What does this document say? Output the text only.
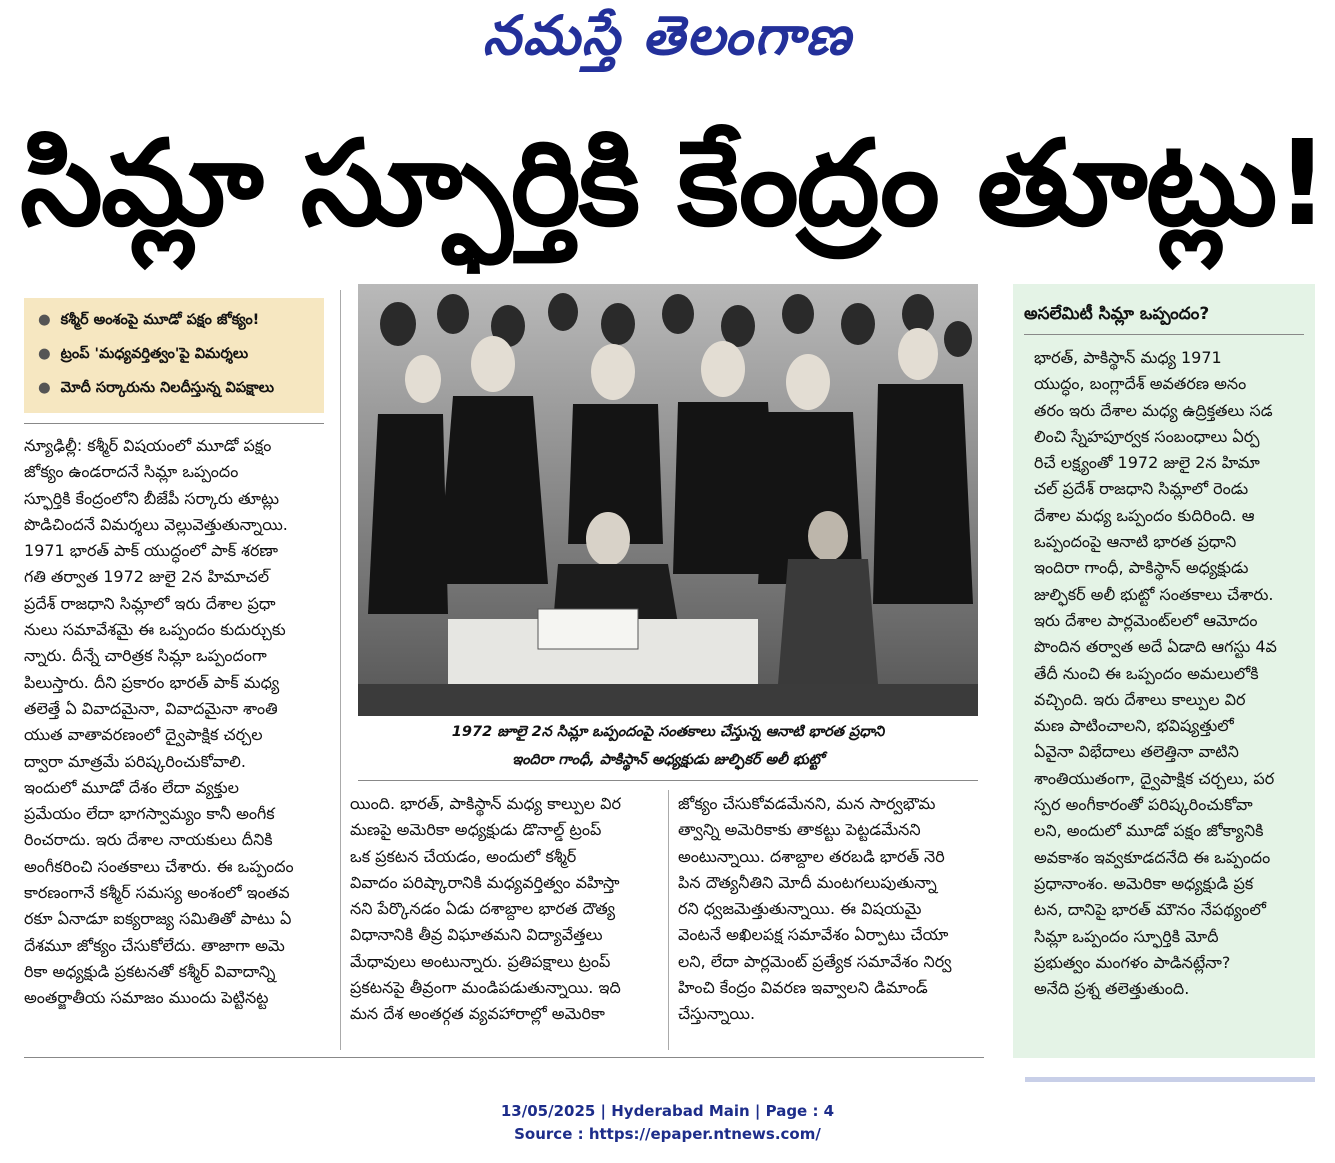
నమస్తే తెలంగాణ
సిమ్లా స్ఫూర్తికి కేంద్రం తూట్లు!
● కశ్మీర్ అంశంపై మూడో పక్షం జోక్యం!
● ట్రంప్ 'మధ్యవర్తిత్వం'పై విమర్శలు
● మోదీ సర్కారును నిలదీస్తున్న విపక్షాలు
1972 జూలై 2న సిమ్లా ఒప్పందంపై సంతకాలు చేస్తున్న ఆనాటి భారత ప్రధాని
ఇందిరా గాంధీ, పాకిస్థాన్ అధ్యక్షుడు జుల్ఫికర్ అలీ భుట్టో
న్యూఢిల్లీ: కశ్మీర్ విషయంలో మూడో పక్షం
జోక్యం ఉండరాదనే సిమ్లా ఒప్పందం
స్ఫూర్తికి కేంద్రంలోని బీజేపీ సర్కారు తూట్లు
పొడిచిందనే విమర్శలు వెల్లువెత్తుతున్నాయి.
1971 భారత్ పాక్ యుద్ధంలో పాక్ శరణా
గతి తర్వాత 1972 జులై 2న హిమాచల్
ప్రదేశ్ రాజధాని సిమ్లాలో ఇరు దేశాల ప్రధా
నులు సమావేశమై ఈ ఒప్పందం కుదుర్చుకు
న్నారు. దీన్నే చారిత్రక సిమ్లా ఒప్పందంగా
పిలుస్తారు. దీని ప్రకారం భారత్ పాక్ మధ్య
తలెత్తే ఏ వివాదమైనా, వివాదమైనా శాంతి
యుత వాతావరణంలో ద్వైపాక్షిక చర్చల
ద్వారా మాత్రమే పరిష్కరించుకోవాలి.
ఇందులో మూడో దేశం లేదా వ్యక్తుల
ప్రమేయం లేదా భాగస్వామ్యం కానీ అంగీక
రించరాదు. ఇరు దేశాల నాయకులు దీనికి
అంగీకరించి సంతకాలు చేశారు. ఈ ఒప్పందం
కారణంగానే కశ్మీర్ సమస్య అంశంలో ఇంతవ
రకూ ఏనాడూ ఐక్యరాజ్య సమితితో పాటు ఏ
దేశమూ జోక్యం చేసుకోలేదు. తాజాగా అమె
రికా అధ్యక్షుడి ప్రకటనతో కశ్మీర్ వివాదాన్ని
అంతర్జాతీయ సమాజం ముందు పెట్టినట్ట
యింది. భారత్, పాకిస్థాన్ మధ్య కాల్పుల విర
మణపై అమెరికా అధ్యక్షుడు డొనాల్డ్ ట్రంప్
ఒక ప్రకటన చేయడం, అందులో కశ్మీర్
వివాదం పరిష్కారానికి మధ్యవర్తిత్వం వహిస్తా
నని పేర్కొనడం ఏడు దశాబ్దాల భారత దౌత్య
విధానానికి తీవ్ర విఘాతమని విద్యావేత్తలు
మేధావులు అంటున్నారు. ప్రతిపక్షాలు ట్రంప్
ప్రకటనపై తీవ్రంగా మండిపడుతున్నాయి. ఇది
మన దేశ అంతర్గత వ్యవహారాల్లో అమెరికా
జోక్యం చేసుకోవడమేనని, మన సార్వభౌమ
త్వాన్ని అమెరికాకు తాకట్టు పెట్టడమేనని
అంటున్నాయి. దశాబ్దాల తరబడి భారత్ నెరి
పిన దౌత్యనీతిని మోదీ మంటగలుపుతున్నా
రని ధ్వజమెత్తుతున్నాయి. ఈ విషయమై
వెంటనే అఖిలపక్ష సమావేశం ఏర్పాటు చేయా
లని, లేదా పార్లమెంట్ ప్రత్యేక సమావేశం నిర్వ
హించి కేంద్రం వివరణ ఇవ్వాలని డిమాండ్
చేస్తున్నాయి.
అసలేమిటీ సిమ్లా ఒప్పందం?
భారత్, పాకిస్థాన్ మధ్య 1971
యుద్ధం, బంగ్లాదేశ్ అవతరణ అనం
తరం ఇరు దేశాల మధ్య ఉద్రిక్తతలు సడ
లించి స్నేహపూర్వక సంబంధాలు ఏర్ప
రిచే లక్ష్యంతో 1972 జులై 2న హిమా
చల్ ప్రదేశ్ రాజధాని సిమ్లాలో రెండు
దేశాల మధ్య ఒప్పందం కుదిరింది. ఆ
ఒప్పందంపై ఆనాటి భారత ప్రధాని
ఇందిరా గాంధీ, పాకిస్థాన్ అధ్యక్షుడు
జుల్ఫికర్ అలీ భుట్టో సంతకాలు చేశారు.
ఇరు దేశాల పార్లమెంట్‌లలో ఆమోదం
పొందిన తర్వాత అదే ఏడాది ఆగస్టు 4వ
తేదీ నుంచి ఈ ఒప్పందం అమలులోకి
వచ్చింది. ఇరు దేశాలు కాల్పుల విర
మణ పాటించాలని, భవిష్యత్తులో
ఏవైనా విభేదాలు తలెత్తినా వాటిని
శాంతియుతంగా, ద్వైపాక్షిక చర్చలు, పర
స్పర అంగీకారంతో పరిష్కరించుకోవా
లని, అందులో మూడో పక్షం జోక్యానికి
అవకాశం ఇవ్వకూడదనేది ఈ ఒప్పందం
ప్రధానాంశం. అమెరికా అధ్యక్షుడి ప్రక
టన, దానిపై భారత్ మౌనం నేపథ్యంలో
సిమ్లా ఒప్పందం స్ఫూర్తికి మోదీ
ప్రభుత్వం మంగళం పాడినట్లేనా?
అనేది ప్రశ్న తలెత్తుతుంది.
13/05/2025 | Hyderabad Main | Page : 4
Source : https://epaper.ntnews.com/
